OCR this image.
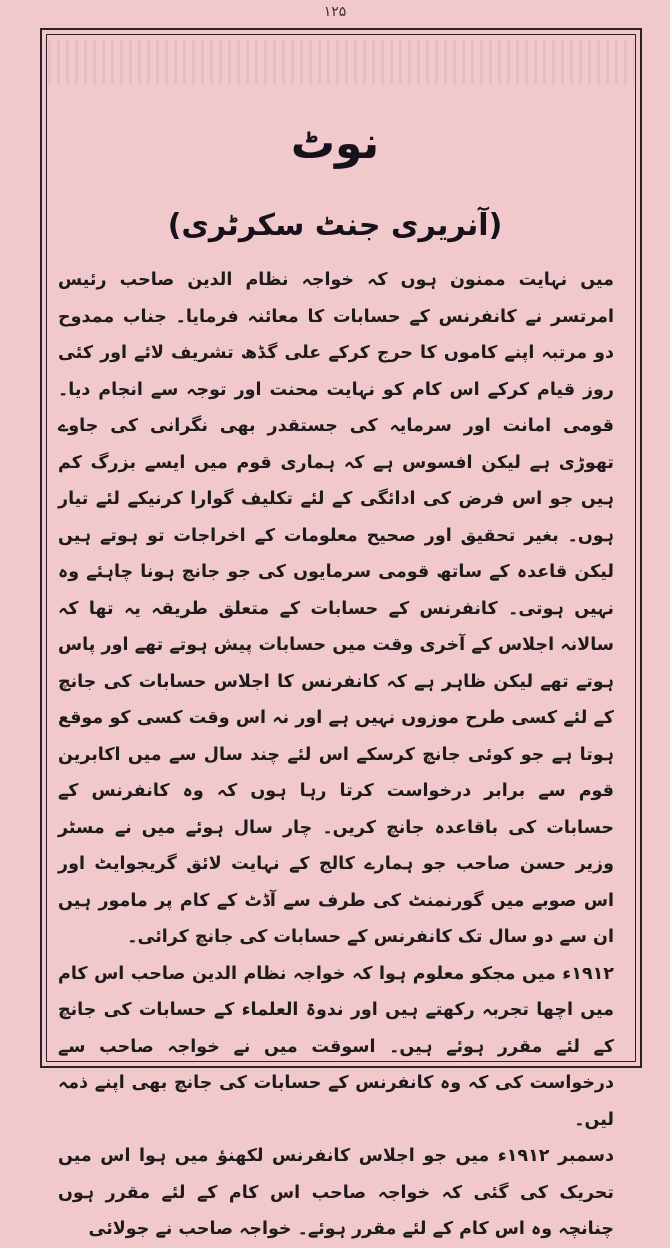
۱۲۵
نوٹ
(آنریری جنٹ سکرٹری)

میں نہایت ممنون ہوں کہ خواجہ نظام الدین صاحب رئیس امرتسر نے کانفرنس کے حسابات کا معائنہ فرمایا۔ جناب ممدوح دو مرتبہ اپنے کاموں کا حرج کرکے علی گڈھ تشریف لائے اور کئی روز قیام کرکے اس کام کو نہایت محنت اور توجہ سے انجام دیا۔ قومی امانت اور سرمایہ کی جستقدر بھی نگرانی کی جاوے تھوڑی ہے لیکن افسوس ہے کہ ہماری قوم میں ایسے بزرگ کم ہیں جو اس فرض کی ادائگی کے لئے تکلیف گوارا کرنیکے لئے تیار ہوں۔ بغیر تحقیق اور صحیح معلومات کے اخراجات تو ہوتے ہیں لیکن قاعدہ کے ساتھ قومی سرمایوں کی جو جانچ ہونا چاہئے وہ نہیں ہوتی۔ کانفرنس کے حسابات کے متعلق طریقہ یہ تھا کہ سالانہ اجلاس کے آخری وقت میں حسابات پیش ہوتے تھے اور پاس ہوتے تھے لیکن ظاہر ہے کہ کانفرنس کا اجلاس حسابات کی جانچ کے لئے کسی طرح موزوں نہیں ہے اور نہ اس وقت کسی کو موقع ہوتا ہے جو کوئی جانچ کرسکے اس لئے چند سال سے میں اکابرین قوم سے برابر درخواست کرتا رہا ہوں کہ وہ کانفرنس کے حسابات کی باقاعدہ جانچ کریں۔ چار سال ہوئے میں نے مسٹر وزیر حسن صاحب جو ہمارے کالج کے نہایت لائق گریجوایٹ اور اس صوبے میں گورنمنٹ کی طرف سے آڈٹ کے کام پر مامور ہیں ان سے دو سال تک کانفرنس کے حسابات کی جانچ کرائی۔

۱۹۱۲ء میں مجکو معلوم ہوا کہ خواجہ نظام الدین صاحب اس کام میں اچھا تجربہ رکھتے ہیں اور ندوۃ العلماء کے حسابات کی جانچ کے لئے مقرر ہوئے ہیں۔ اسوقت میں نے خواجہ صاحب سے درخواست کی کہ وہ کانفرنس کے حسابات کی جانچ بھی اپنے ذمہ لیں۔

دسمبر ۱۹۱۲ء میں جو اجلاس کانفرنس لکھنؤ میں ہوا اس میں تحریک کی گئی کہ خواجہ صاحب اس کام کے لئے مقرر ہوں چنانچہ وہ اس کام کے لئے مقرر ہوئے۔ خواجہ صاحب نے جولائی
